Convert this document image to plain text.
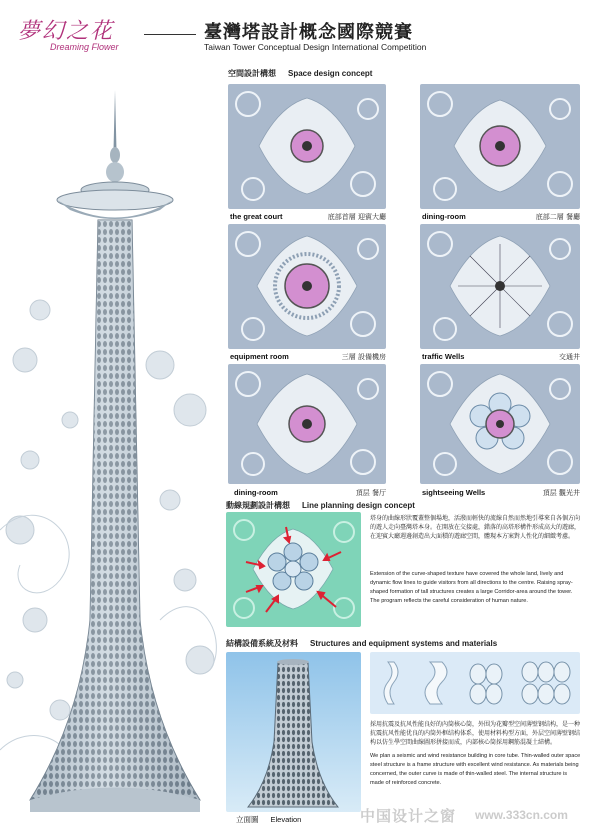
夢幻之花
Dreaming Flower
臺灣塔設計概念國際競賽
Taiwan Tower Conceptual Design International Competition
空間設計構想 Space design concept
the great court	底部首層 迎賓大廳	dining-room	底部二層 餐廳
equipment room	三層 設備機房	traffic Wells	交通井
dining-room	頂层 餐厅	sightseeing Wells	頂层 觀光井
動線規劃設計構想 Line planning design concept
塔身的曲線形狀覆蓋整個場地，活潑而輕快的流線自然而然地引導來自各個方向的遊人走向臺灣塔本身。在開放在交接處，錯落的高塔形構件形成高大的遊廊，在迎賓大廳週邊創造出大面積的遊廊空間，體現本方案對人性化的細緻考慮。
Extension of the curve-shaped texture have covered the whole land, lively and dynamic flow lines to guide visitors from all directions to the centre. Raising spray-shaped formation of tall structures creates a large Corridor-area around the tower. The program reflects the careful consideration of human nature.
結構設備系統及材料 Structures and equipment systems and materials
採用抗震及抗风性能良好的內筒核心筒，外围为花瓣型空间薄壁钢结构，是一种抗震抗风性能优良的内筒外框结构体系，使用材料构型方面，外层空间薄壁钢结构以仿生學空間曲線圖形拼接而成，内部核心筒採用鋼筋混凝土結構。
We plan a seismic and wind resistance building in core tube. Thin-walled outer space steel structure is a frame structure with excellent wind resistance. As materials being concerned, the outer curve is made of thin-walled steel. The internal structure is made of reinforced concrete.
立面圖 Elevation	中国设计之窗 www.333cn.com
